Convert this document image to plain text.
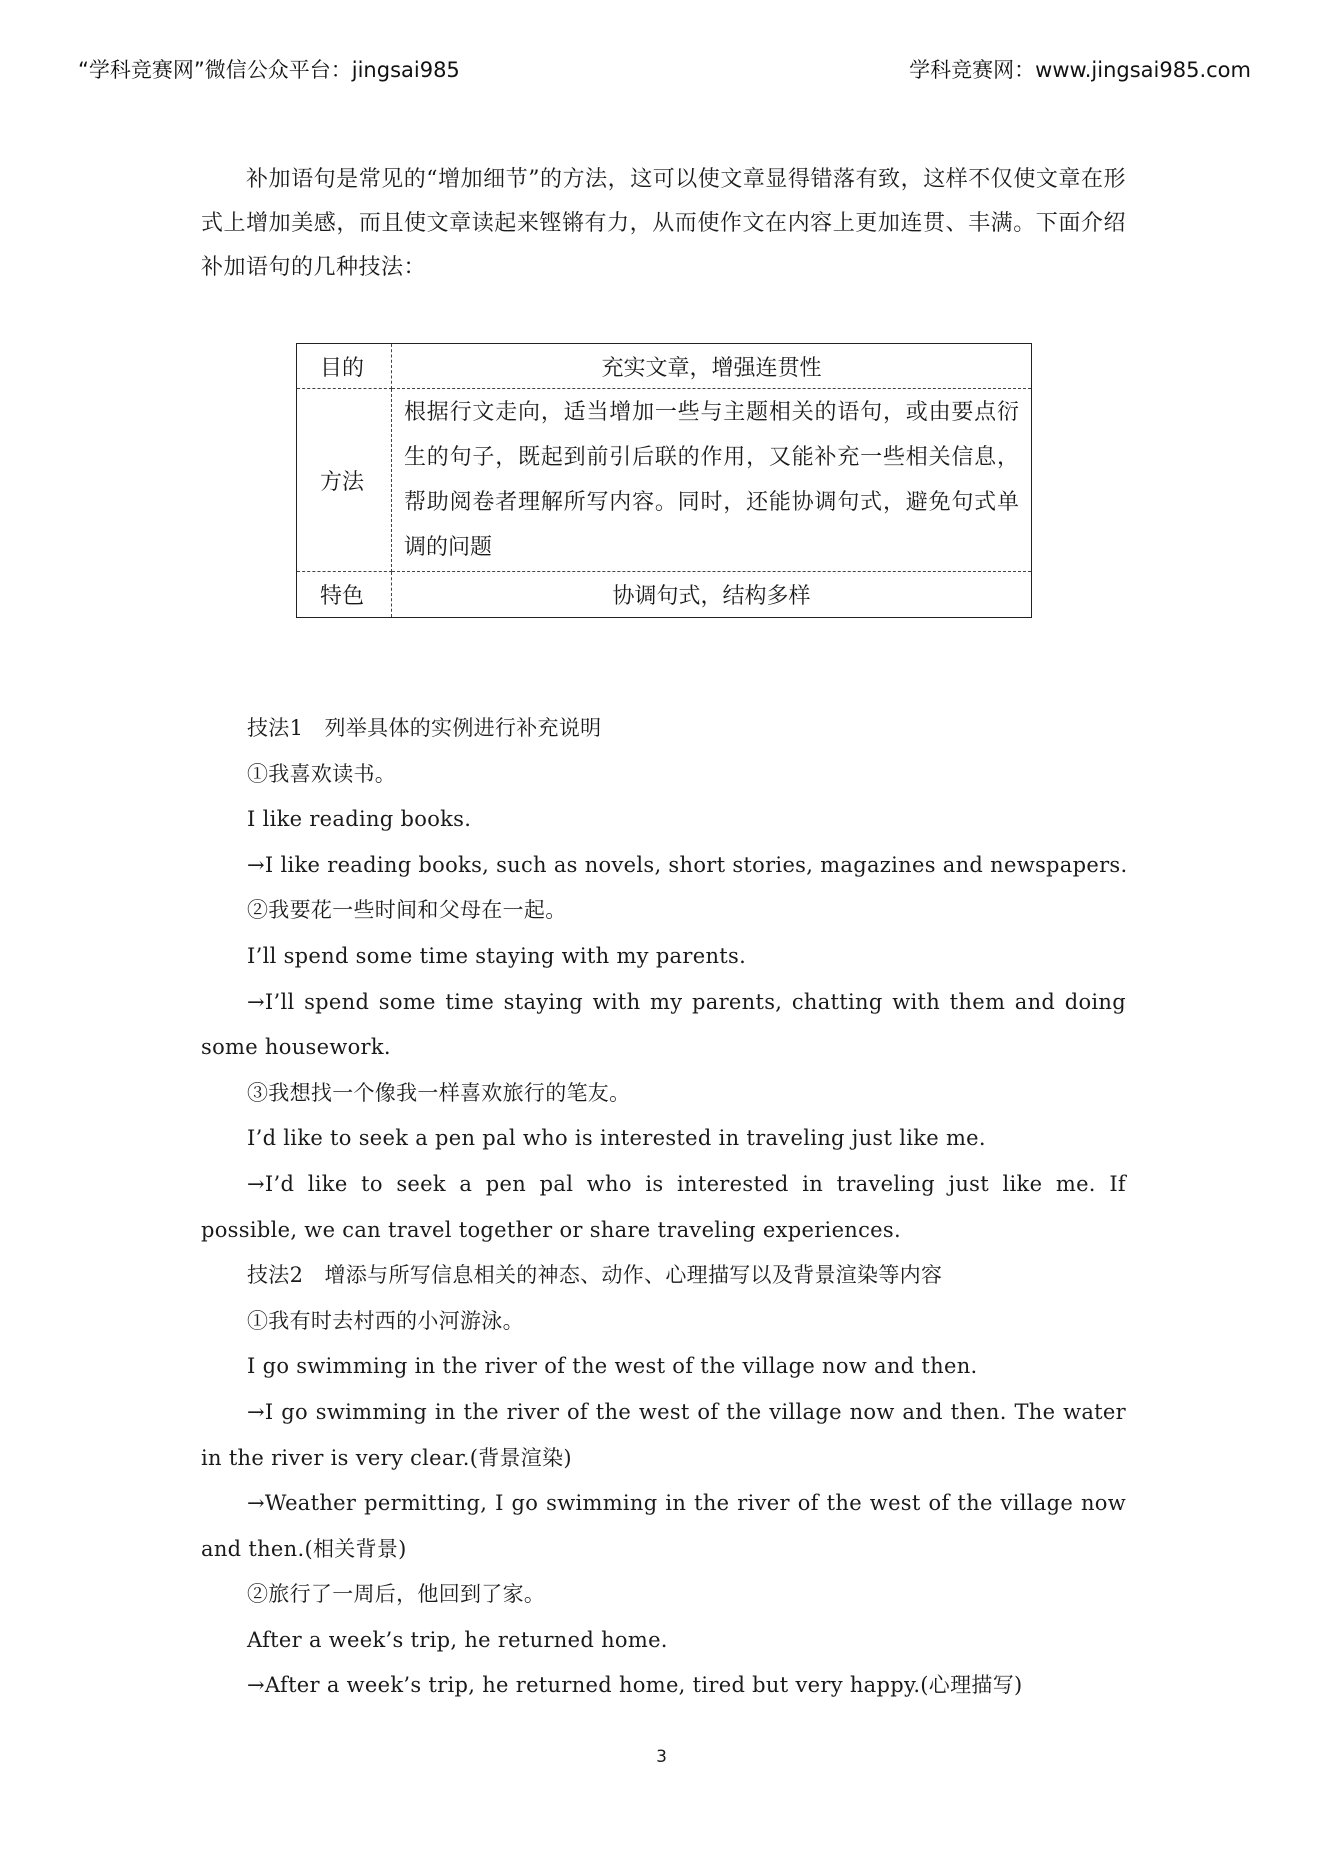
“学科竞赛网”微信公众平台：jingsai985	学科竞赛网：www.jingsai985.com

补加语句是常见的“增加细节”的方法，这可以使文章显得错落有致，这样不仅使文章在形式上增加美感，而且使文章读起来铿锵有力，从而使作文在内容上更加连贯、丰满。下面介绍补加语句的几种技法：

目的	充实文章，增强连贯性
方法	根据行文走向，适当增加一些与主题相关的语句，或由要点衍生的句子，既起到前引后联的作用，又能补充一些相关信息，帮助阅卷者理解所写内容。同时，还能协调句式，避免句式单调的问题
特色	协调句式，结构多样
技法1　列举具体的实例进行补充说明
①我喜欢读书。
I like reading books.
→I like reading books, such as novels, short stories, magazines and newspapers.
②我要花一些时间和父母在一起。
I’ll spend some time staying with my parents.
→I’ll spend some time staying with my parents, chatting with them and doing
some housework.
③我想找一个像我一样喜欢旅行的笔友。
I’d like to seek a pen pal who is interested in traveling just like me.
→I’d like to seek a pen pal who is interested in traveling just like me. If
possible, we can travel together or share traveling experiences.
技法2　增添与所写信息相关的神态、动作、心理描写以及背景渲染等内容
①我有时去村西的小河游泳。
I go swimming in the river of the west of the village now and then.
→I go swimming in the river of the west of the village now and then. The water
in the river is very clear.(背景渲染)
→Weather permitting, I go swimming in the river of the west of the village now
and then.(相关背景)
②旅行了一周后，他回到了家。
After a week’s trip, he returned home.
→After a week’s trip, he returned home, tired but very happy.(心理描写)
3
